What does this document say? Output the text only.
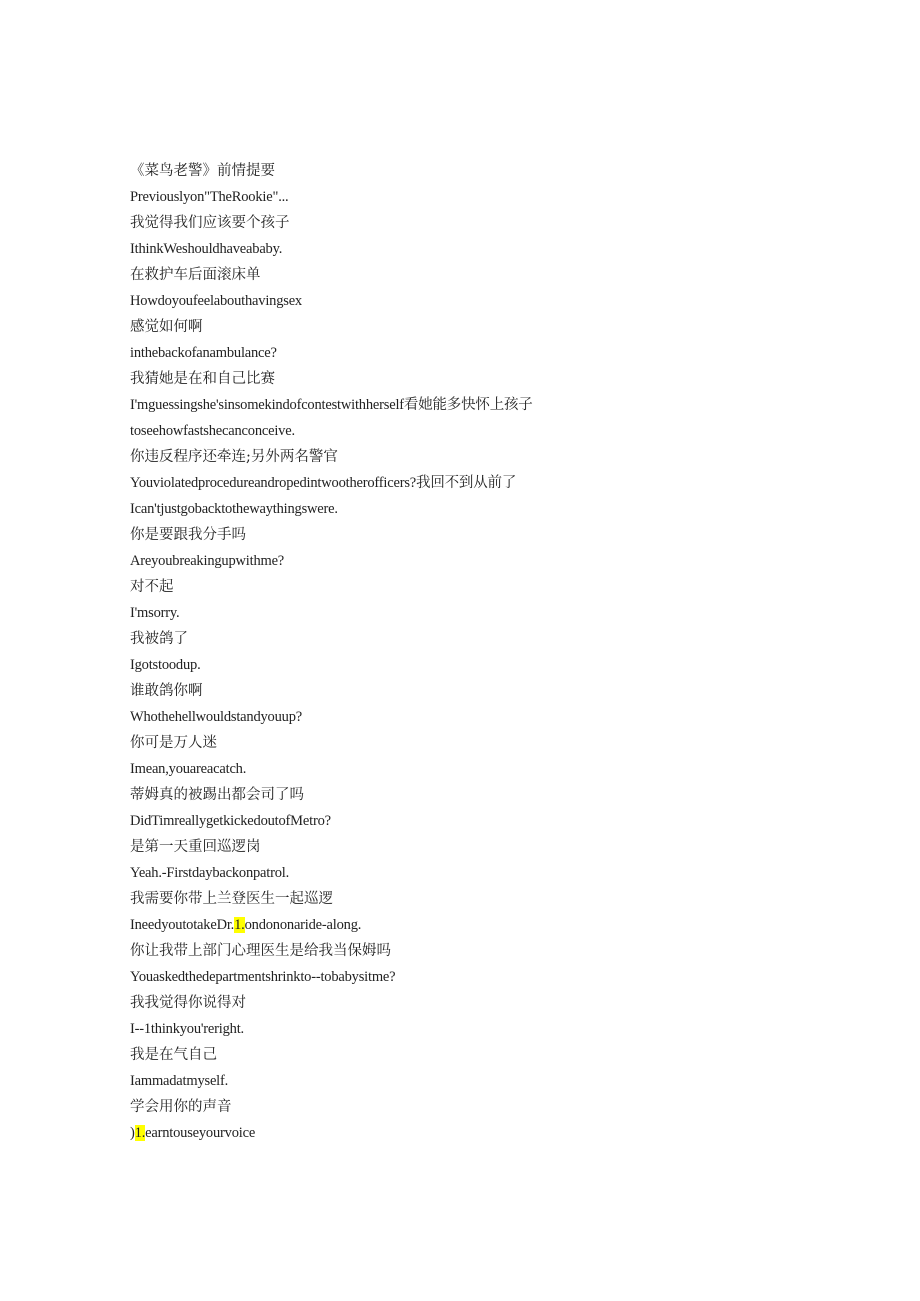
《菜鸟老警》前情提要
Previouslyon"TheRookie"...
我觉得我们应该要个孩子
IthinkWeshouldhaveababy.
在救护车后面滚床单
Howdoyoufeelabouthavingsex
感觉如何啊
inthebackofanambulance?
我猜她是在和自己比赛
I'mguessingshe'sinsomekindofcontestwithherself看她能多快怀上孩子
toseehowfastshecanconceive.
你违反程序还牵连;另外两名警官
Youviolatedprocedureandropedintwootherofficers?我回不到从前了
Ican'tjustgobacktothewaythingswere.
你是要跟我分手吗
Areyoubreakingupwithme?
对不起
I'msorry.
我被鸽了
Igotstoodup.
谁敢鸽你啊
Whothehellwouldstandyouup?
你可是万人迷
Imean,youareacatch.
蒂姆真的被踢出都会司了吗
DidTimreallygetkickedoutofMetro?
是第一天重回巡逻岗
Yeah.-Firstdaybackonpatrol.
我需要你带上兰登医生一起巡逻
IneedyoutotakeDr.1.ondononaride-along.
你让我带上部门心理医生是给我当保姆吗
Youaskedthedepartmentshrinkto--tobabysitme?
我我觉得你说得对
I--1thinkyou'reright.
我是在气自己
Iammadatmyself.
学会用你的声音
)1.earntouseyourvoice
